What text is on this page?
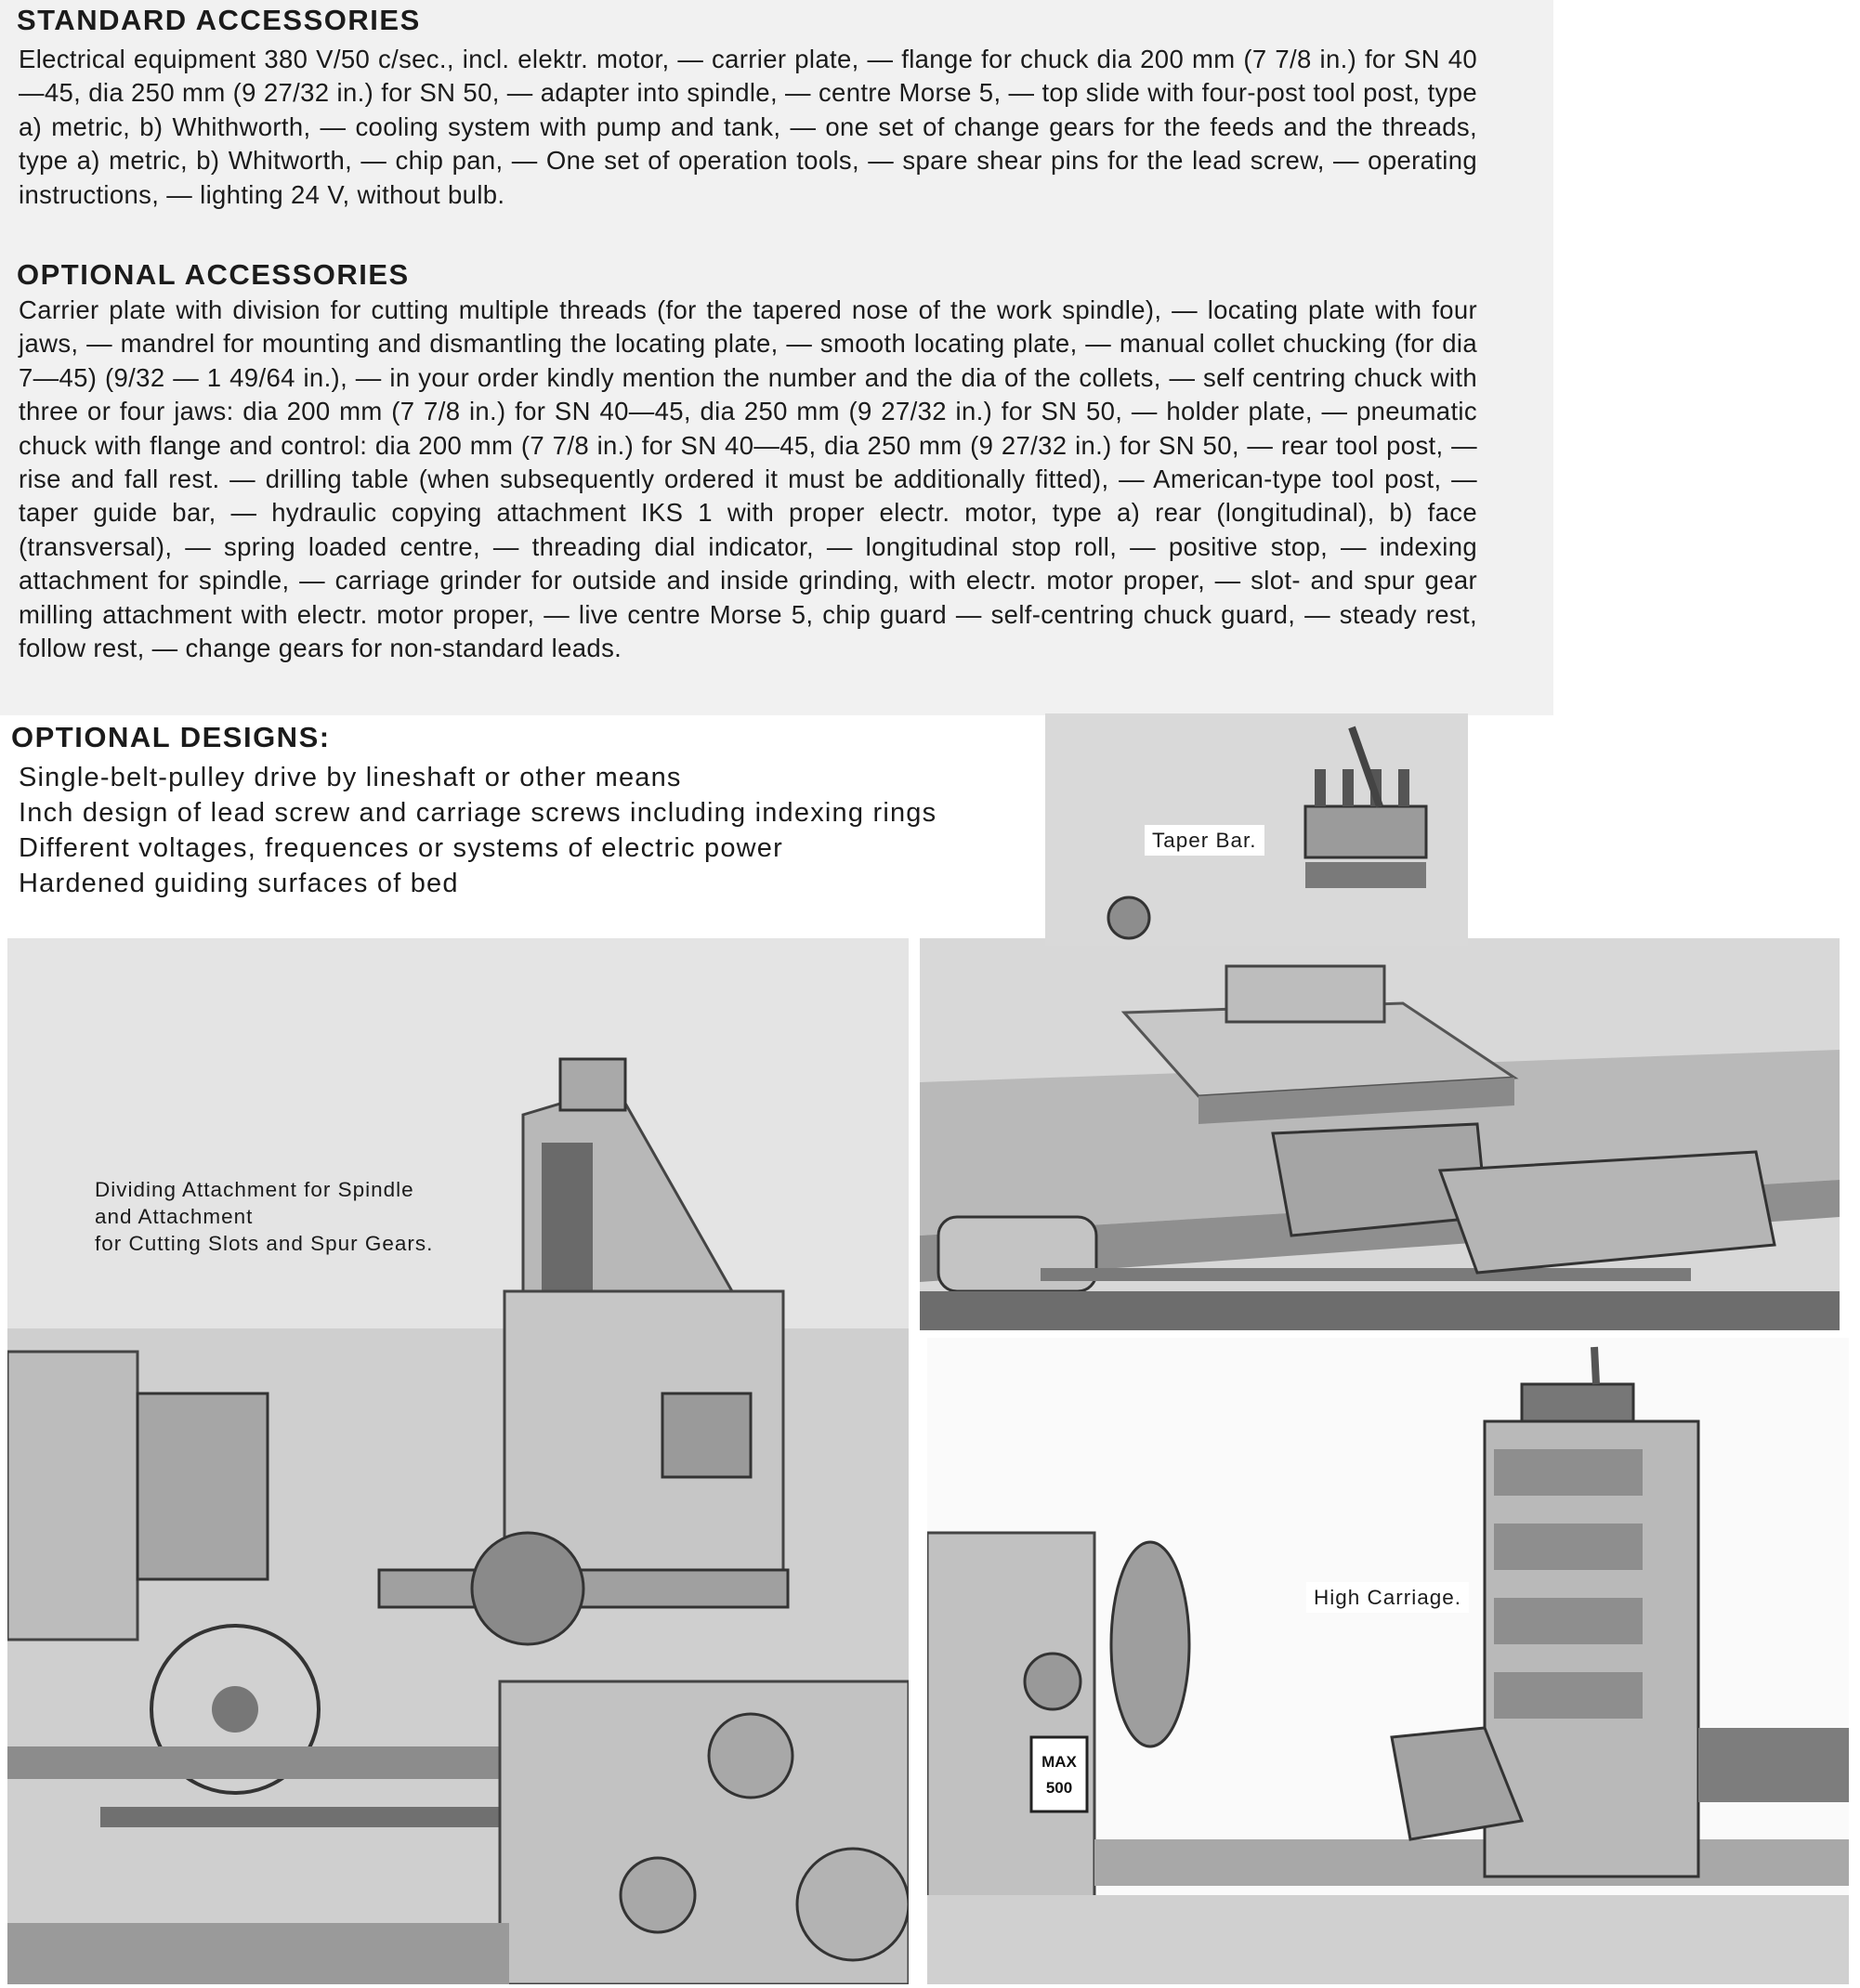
STANDARD ACCESSORIES

Electrical equipment 380 V/50 c/sec., incl. elektr. motor, — carrier plate, — flange for chuck dia 200 mm (7 7/8 in.) for SN 40—45, dia 250 mm (9 27/32 in.) for SN 50, — adapter into spindle, — centre Morse 5, — top slide with four-post tool post, type a) metric, b) Whithworth, — cooling system with pump and tank, — one set of change gears for the feeds and the threads, type a) metric, b) Whitworth, — chip pan, — One set of operation tools, — spare shear pins for the lead screw, — operating instructions, — lighting 24 V, without bulb.

OPTIONAL ACCESSORIES

Carrier plate with division for cutting multiple threads (for the tapered nose of the work spindle), — locating plate with four jaws, — mandrel for mounting and dismantling the locating plate, — smooth locating plate, — manual collet chucking (for dia 7—45) (9/32 — 1 49/64 in.), — in your order kindly mention the number and the dia of the collets, — self centring chuck with three or four jaws: dia 200 mm (7 7/8 in.) for SN 40—45, dia 250 mm (9 27/32 in.) for SN 50, — holder plate, — pneumatic chuck with flange and control: dia 200 mm (7 7/8 in.) for SN 40—45, dia 250 mm (9 27/32 in.) for SN 50, — rear tool post, — rise and fall rest. — drilling table (when subsequently ordered it must be additionally fitted), — American-type tool post, — taper guide bar, — hydraulic copying attachment IKS 1 with proper electr. motor, type a) rear (longitudinal), b) face (transversal), — spring loaded centre, — threading dial indicator, — longitudinal stop roll, — positive stop, — indexing attachment for spindle, — carriage grinder for outside and inside grinding, with electr. motor proper, — slot- and spur gear milling attachment with electr. motor proper, — live centre Morse 5, chip guard — self-centring chuck guard, — steady rest, follow rest, — change gears for non-standard leads.

OPTIONAL DESIGNS:
Single-belt-pulley drive by lineshaft or other means
Inch design of lead screw and carriage screws including indexing rings
Different voltages, frequences or systems of electric power
Hardened guiding surfaces of bed
Taper Bar.
Dividing Attachment for Spindle
and Attachment
for Cutting Slots and Spur Gears.
MAX
500
High Carriage.
